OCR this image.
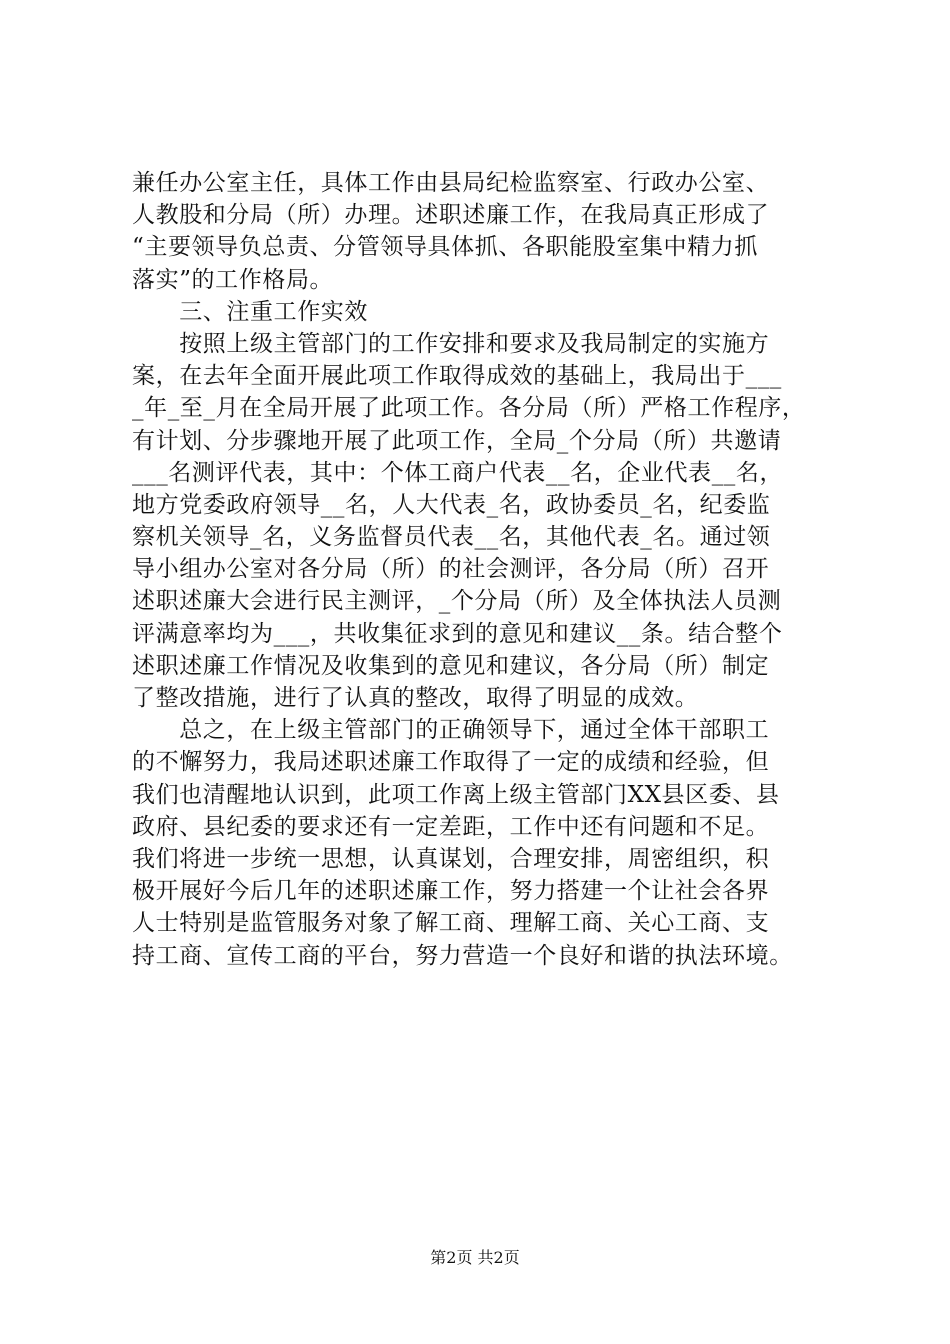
兼任办公室主任，具体工作由县局纪检监察室、行政办公室、
人教股和分局（所）办理。述职述廉工作，在我局真正形成了
“主要领导负总责、分管领导具体抓、各职能股室集中精力抓
落实”的工作格局。
　　三、注重工作实效
　　按照上级主管部门的工作安排和要求及我局制定的实施方
案，在去年全面开展此项工作取得成效的基础上，我局出于___
_年_至_月在全局开展了此项工作。各分局（所）严格工作程序，
有计划、分步骤地开展了此项工作，全局_个分局（所）共邀请
___名测评代表，其中：个体工商户代表__名，企业代表__名，
地方党委政府领导__名，人大代表_名，政协委员_名，纪委监
察机关领导_名，义务监督员代表__名，其他代表_名。通过领
导小组办公室对各分局（所）的社会测评，各分局（所）召开
述职述廉大会进行民主测评，_个分局（所）及全体执法人员测
评满意率均为___，共收集征求到的意见和建议__条。结合整个
述职述廉工作情况及收集到的意见和建议，各分局（所）制定
了整改措施，进行了认真的整改，取得了明显的成效。
　　总之，在上级主管部门的正确领导下，通过全体干部职工
的不懈努力，我局述职述廉工作取得了一定的成绩和经验，但
我们也清醒地认识到，此项工作离上级主管部门XX县区委、县
政府、县纪委的要求还有一定差距，工作中还有问题和不足。
我们将进一步统一思想，认真谋划，合理安排，周密组织，积
极开展好今后几年的述职述廉工作，努力搭建一个让社会各界
人士特别是监管服务对象了解工商、理解工商、关心工商、支
持工商、宣传工商的平台，努力营造一个良好和谐的执法环境。
第2页 共2页
